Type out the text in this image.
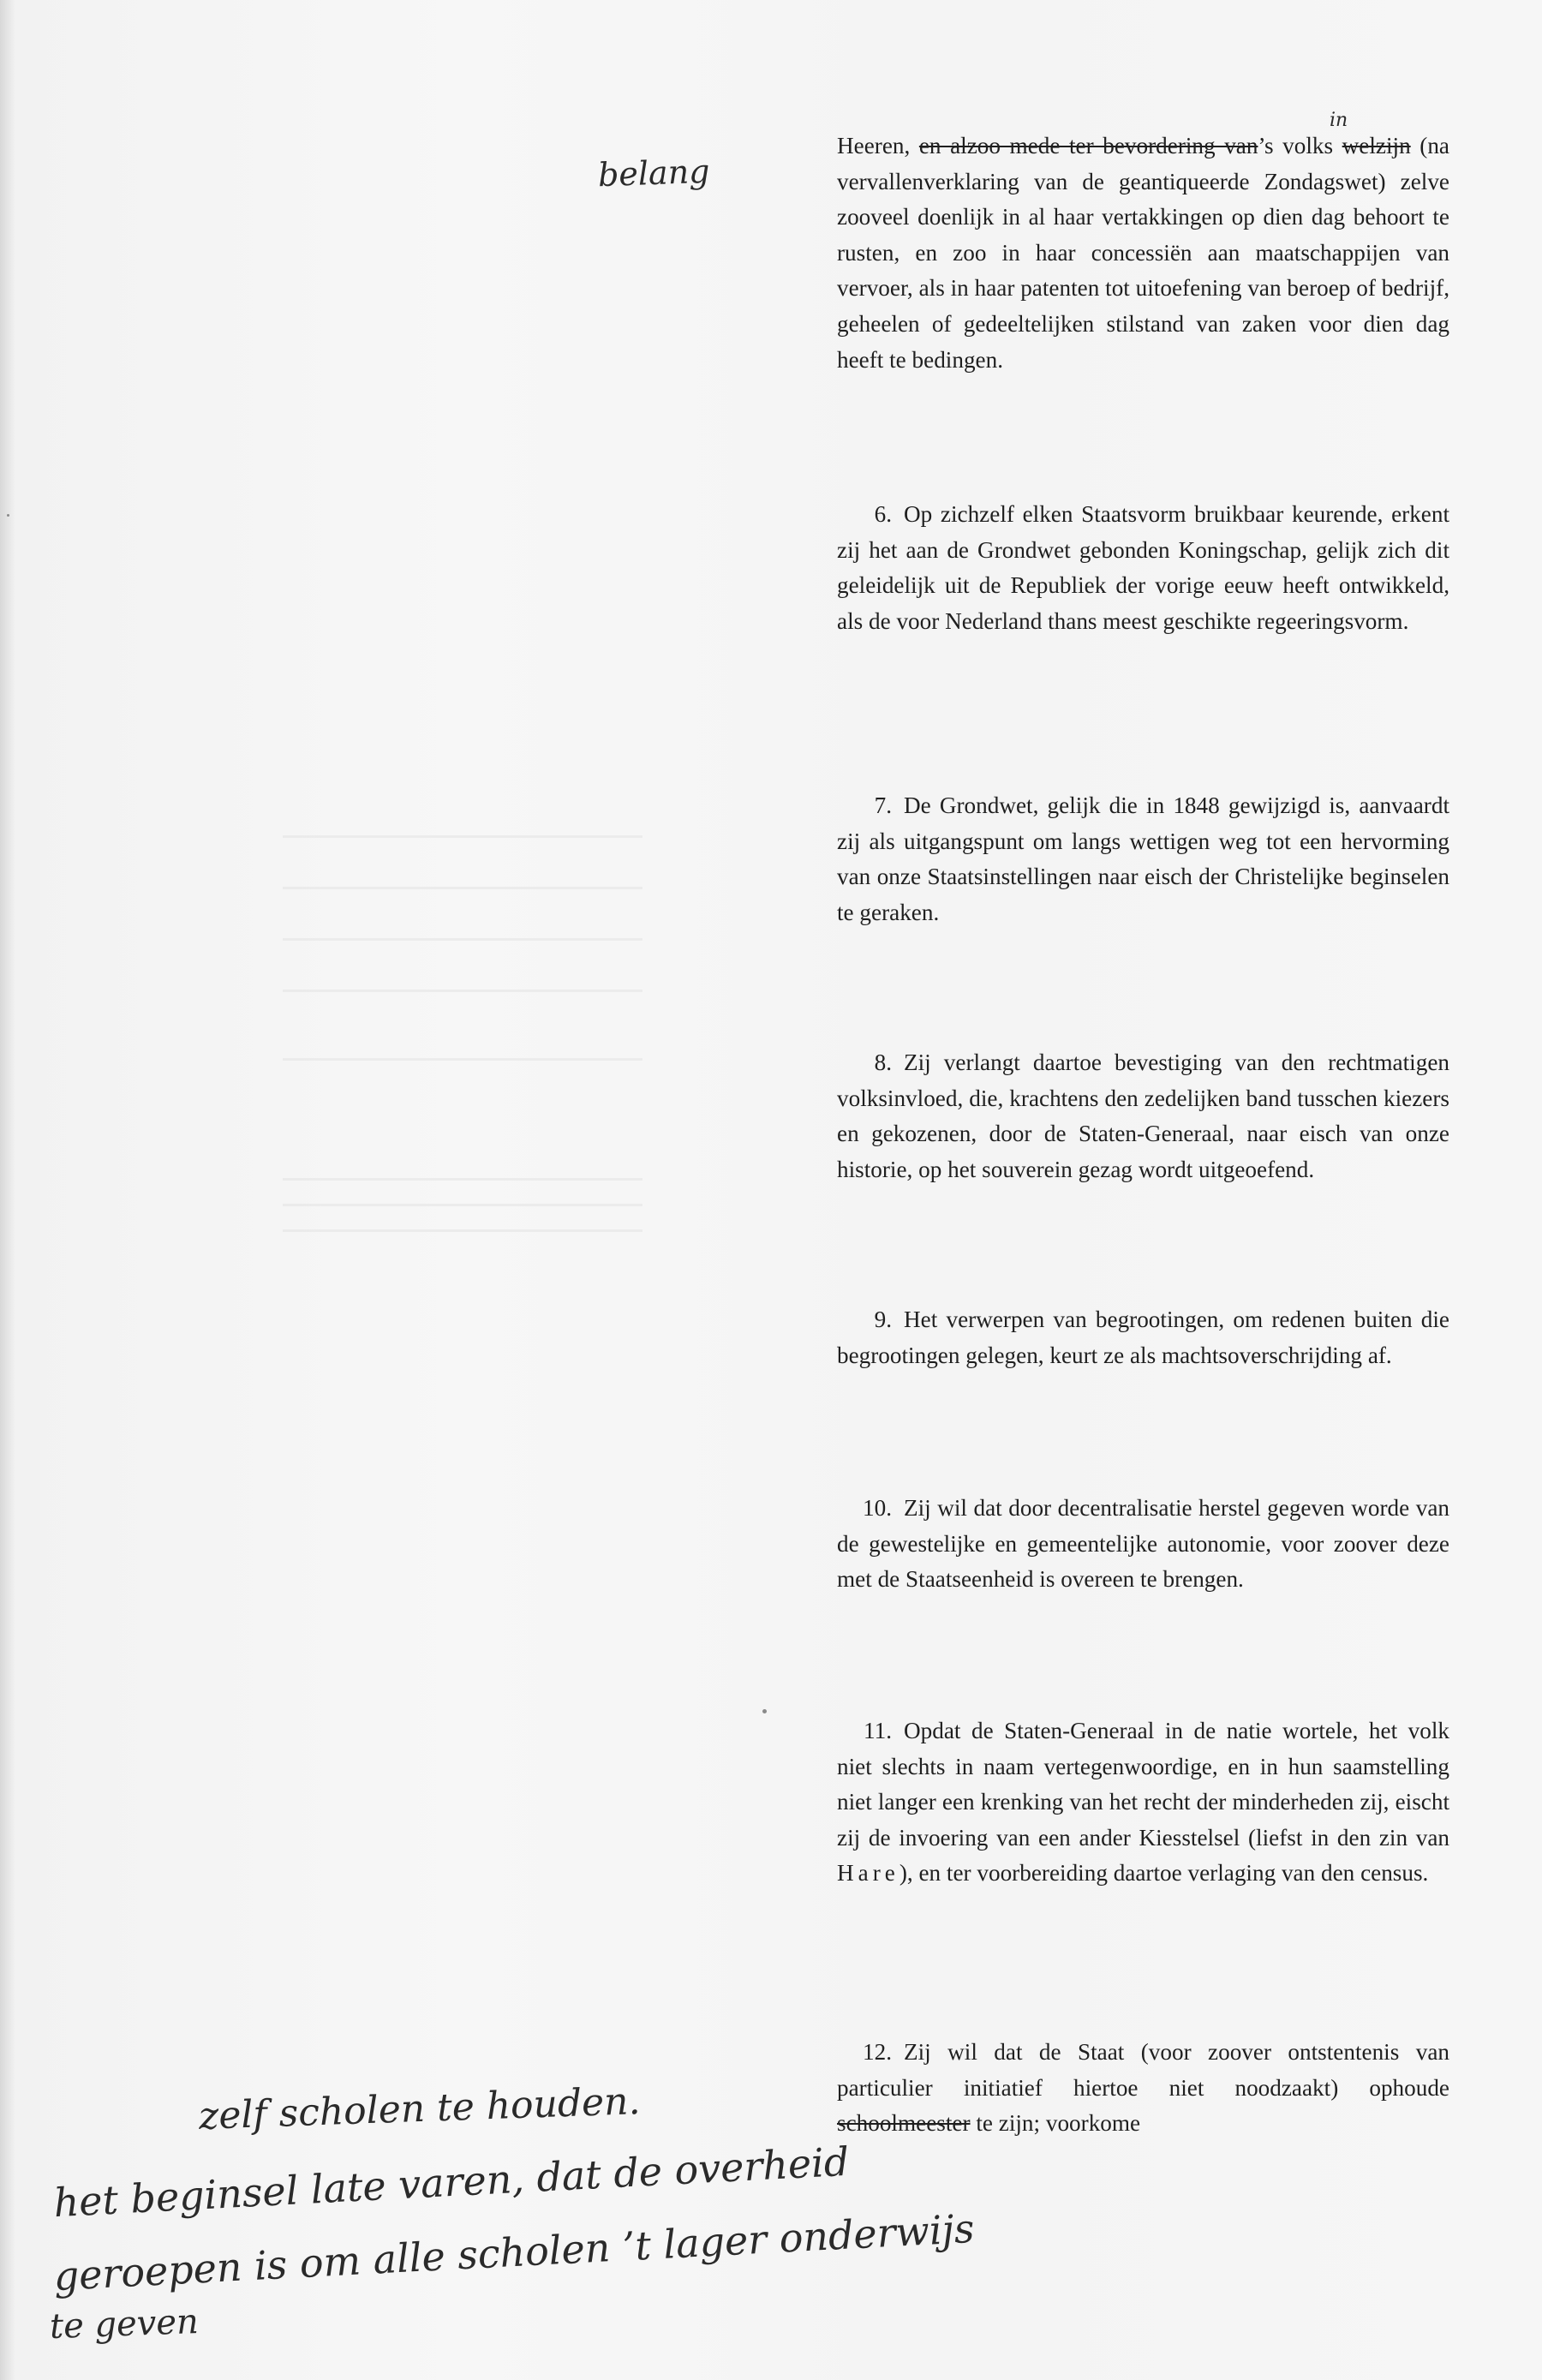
belang
in

Heeren, en alzoo mede ter bevordering van’s volks welzijn (na vervallenverklaring van de geantiqueerde Zondagswet) zelve zooveel doenlijk in al haar vertakkingen op dien dag behoort te rusten, en zoo in haar concessiën aan maatschappijen van vervoer, als in haar patenten tot uitoefening van beroep of bedrijf, geheelen of gedeeltelijken stilstand van zaken voor dien dag heeft te bedingen.

6. Op zichzelf elken Staatsvorm bruikbaar keurende, erkent zij het aan de Grondwet gebonden Koningschap, gelijk zich dit geleidelijk uit de Republiek der vorige eeuw heeft ontwikkeld, als de voor Nederland thans meest geschikte regeeringsvorm.

7. De Grondwet, gelijk die in 1848 gewijzigd is, aanvaardt zij als uitgangspunt om langs wettigen weg tot een hervorming van onze Staatsinstellingen naar eisch der Christelijke beginselen te geraken.

8. Zij verlangt daartoe bevestiging van den rechtmatigen volksinvloed, die, krachtens den zedelijken band tusschen kiezers en gekozenen, door de Staten-Generaal, naar eisch van onze historie, op het souverein gezag wordt uitgeoefend.

9. Het verwerpen van begrootingen, om redenen buiten die begrootingen gelegen, keurt ze als machtsoverschrijding af.

10. Zij wil dat door decentralisatie herstel gegeven worde van de gewestelijke en gemeentelijke autonomie, voor zoover deze met de Staatseenheid is overeen te brengen.

11. Opdat de Staten-Generaal in de natie wortele, het volk niet slechts in naam vertegenwoordige, en in hun saamstelling niet langer een krenking van het recht der minderheden zij, eischt zij de invoering van een ander Kiesstelsel (liefst in den zin van Hare), en ter voorbereiding daartoe verlaging van den census.

12. Zij wil dat de Staat (voor zoover ontstentenis van particulier initiatief hiertoe niet noodzaakt) ophoude schoolmeester te zijn; voorkome

zelf scholen te houden.
het beginsel late varen, dat de overheid
geroepen is om alle scholen ’t lager onderwijs
te geven
